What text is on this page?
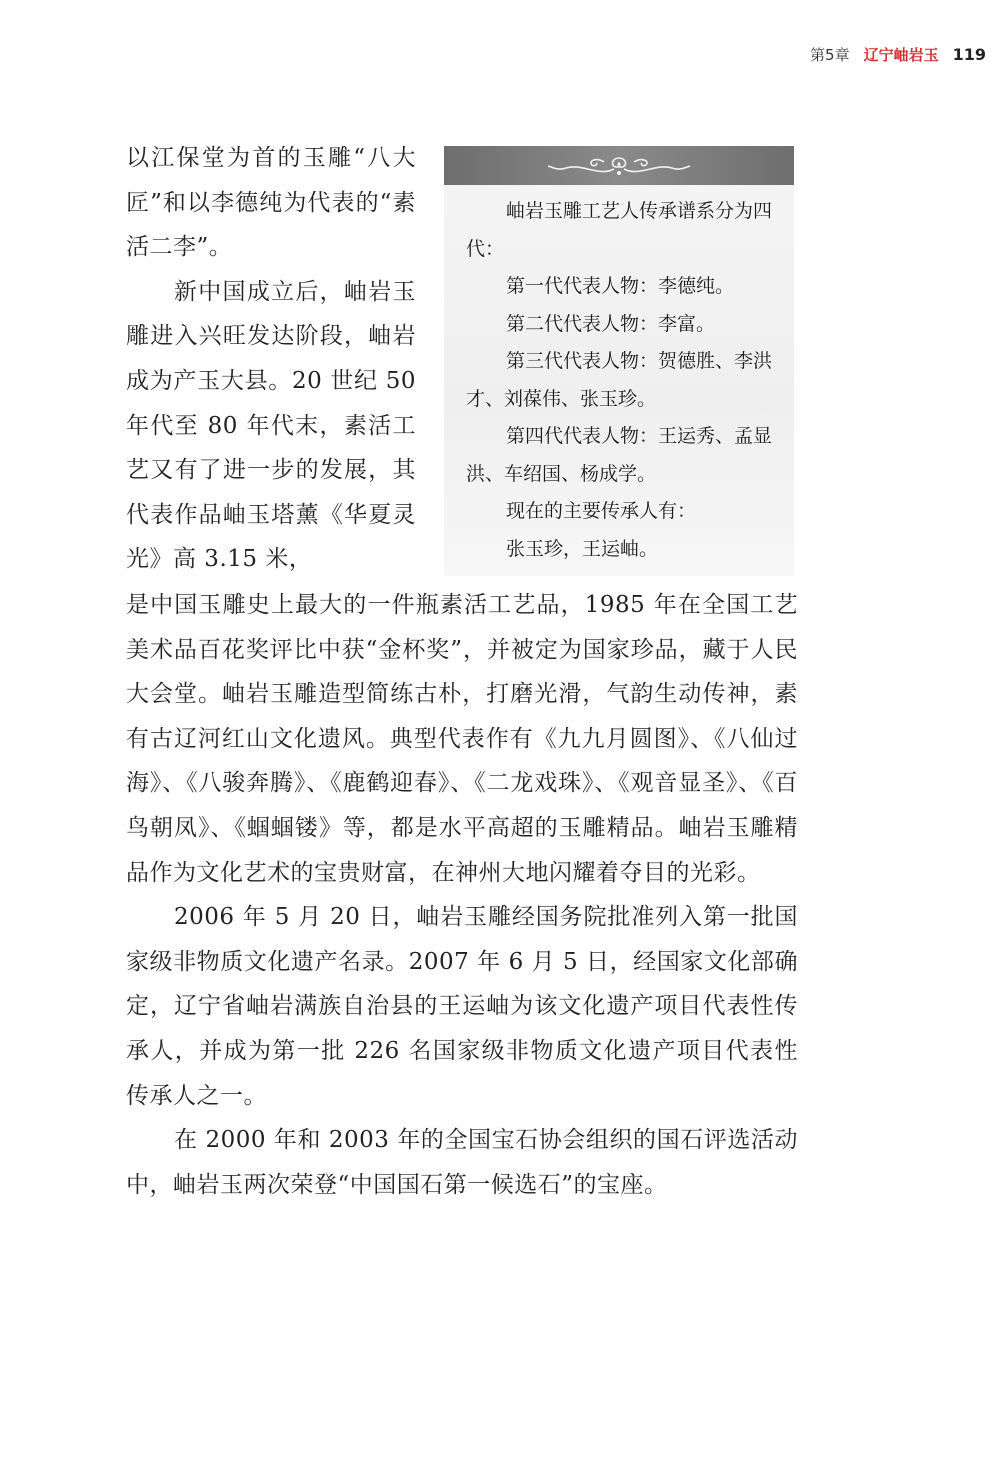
第5章 辽宁岫岩玉 119

以江保堂为首的玉雕“八大匠”和以李德纯为代表的“素活二李”。

新中国成立后，岫岩玉雕进入兴旺发达阶段，岫岩成为产玉大县。20 世纪 50 年代至 80 年代末，素活工艺又有了进一步的发展，其代表作品岫玉塔薰《华夏灵光》高 3.15 米，

岫岩玉雕工艺人传承谱系分为四代：

第一代代表人物：李德纯。

第二代代表人物：李富。

第三代代表人物：贺德胜、李洪才、刘葆伟、张玉珍。

第四代代表人物：王运秀、孟显洪、车绍国、杨成学。

现在的主要传承人有：

张玉珍，王运岫。

是中国玉雕史上最大的一件瓶素活工艺品，1985 年在全国工艺美术品百花奖评比中获“金杯奖”，并被定为国家珍品，藏于人民大会堂。岫岩玉雕造型简练古朴，打磨光滑，气韵生动传神，素有古辽河红山文化遗风。典型代表作有《九九月圆图》、《八仙过海》、《八骏奔腾》、《鹿鹤迎春》、《二龙戏珠》、《观音显圣》、《百鸟朝凤》、《蝈蝈镂》等，都是水平高超的玉雕精品。岫岩玉雕精品作为文化艺术的宝贵财富，在神州大地闪耀着夺目的光彩。

2006 年 5 月 20 日，岫岩玉雕经国务院批准列入第一批国家级非物质文化遗产名录。2007 年 6 月 5 日，经国家文化部确定，辽宁省岫岩满族自治县的王运岫为该文化遗产项目代表性传承人，并成为第一批 226 名国家级非物质文化遗产项目代表性传承人之一。

在 2000 年和 2003 年的全国宝石协会组织的国石评选活动中，岫岩玉两次荣登“中国国石第一候选石”的宝座。
